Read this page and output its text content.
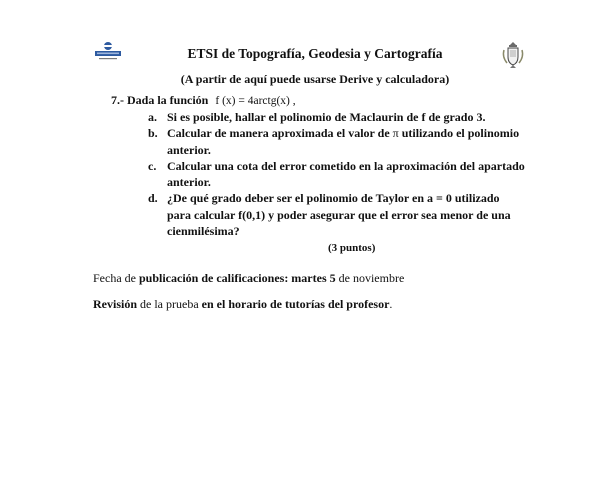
ETSI de Topografía, Geodesia y Cartografía
(A partir de aquí puede usarse Derive y calculadora)
7.- Dada la función f (x) = 4arctg(x) ,
a. Si es posible, hallar el polinomio de Maclaurin de f de grado 3.
b. Calcular de manera aproximada el valor de π utilizando el polinomio anterior.
c. Calcular una cota del error cometido en la aproximación del apartado anterior.
d. ¿De qué grado deber ser el polinomio de Taylor en a = 0 utilizado
para calcular f(0,1) y poder asegurar que el error sea menor de una
cienmilésima?
(3 puntos)
Fecha de publicación de calificaciones: martes 5 de noviembre
Revisión de la prueba en el horario de tutorías del profesor.
